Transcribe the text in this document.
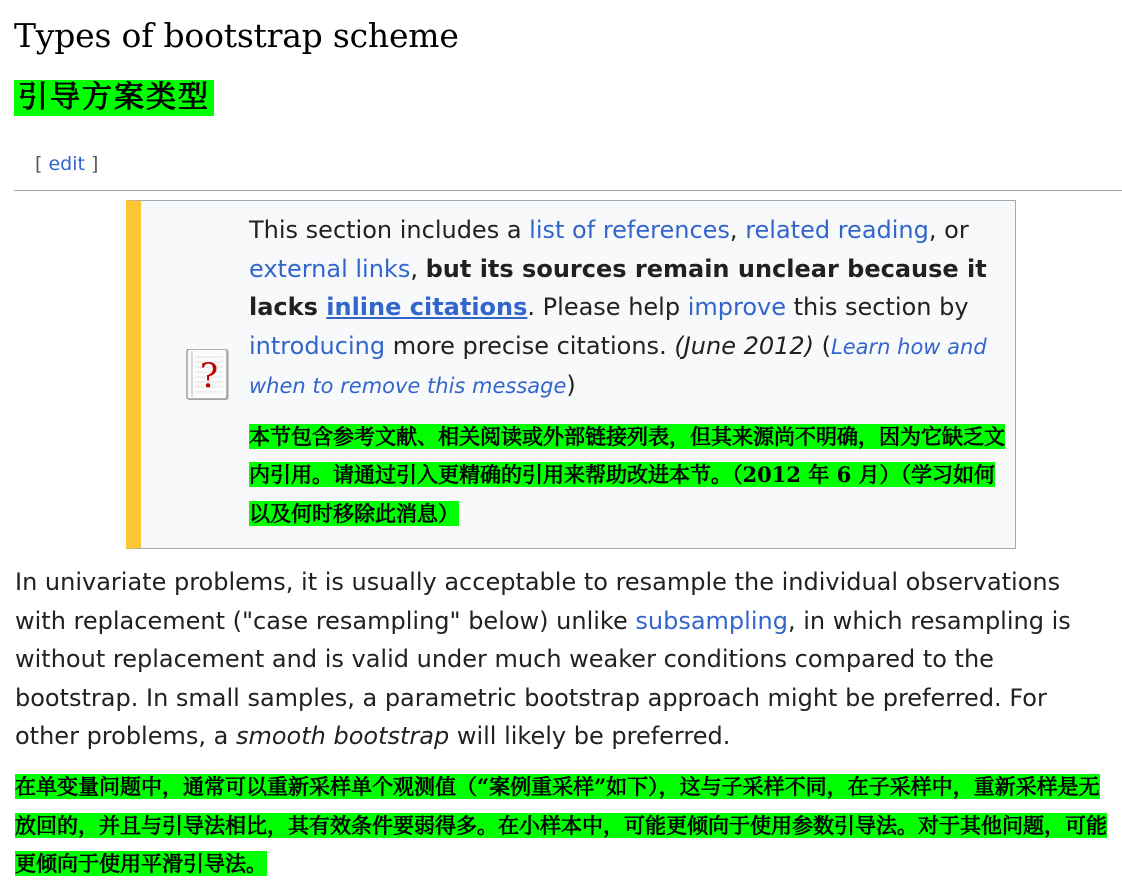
Types of bootstrap scheme
引导方案类型
[ edit ]
?

This section includes a list of references, related reading, or external links, but its sources remain unclear because it lacks inline citations. Please help improve this section by introducing more precise citations. (June 2012) (Learn how and when to remove this message)

本节包含参考文献、相关阅读或外部链接列表，但其来源尚不明确，因为它缺乏文内引用。请通过引入更精确的引用来帮助改进本节。（2012 年 6 月）（学习如何以及何时移除此消息）

In univariate problems, it is usually acceptable to resample the individual observations with replacement ("case resampling" below) unlike subsampling, in which resampling is without replacement and is valid under much weaker conditions compared to the bootstrap. In small samples, a parametric bootstrap approach might be preferred. For other problems, a smooth bootstrap will likely be preferred.

在单变量问题中，通常可以重新采样单个观测值（“案例重采样”如下），这与子采样不同，在子采样中，重新采样是无放回的，并且与引导法相比，其有效条件要弱得多。在小样本中，可能更倾向于使用参数引导法。对于其他问题，可能更倾向于使用平滑引导法。
